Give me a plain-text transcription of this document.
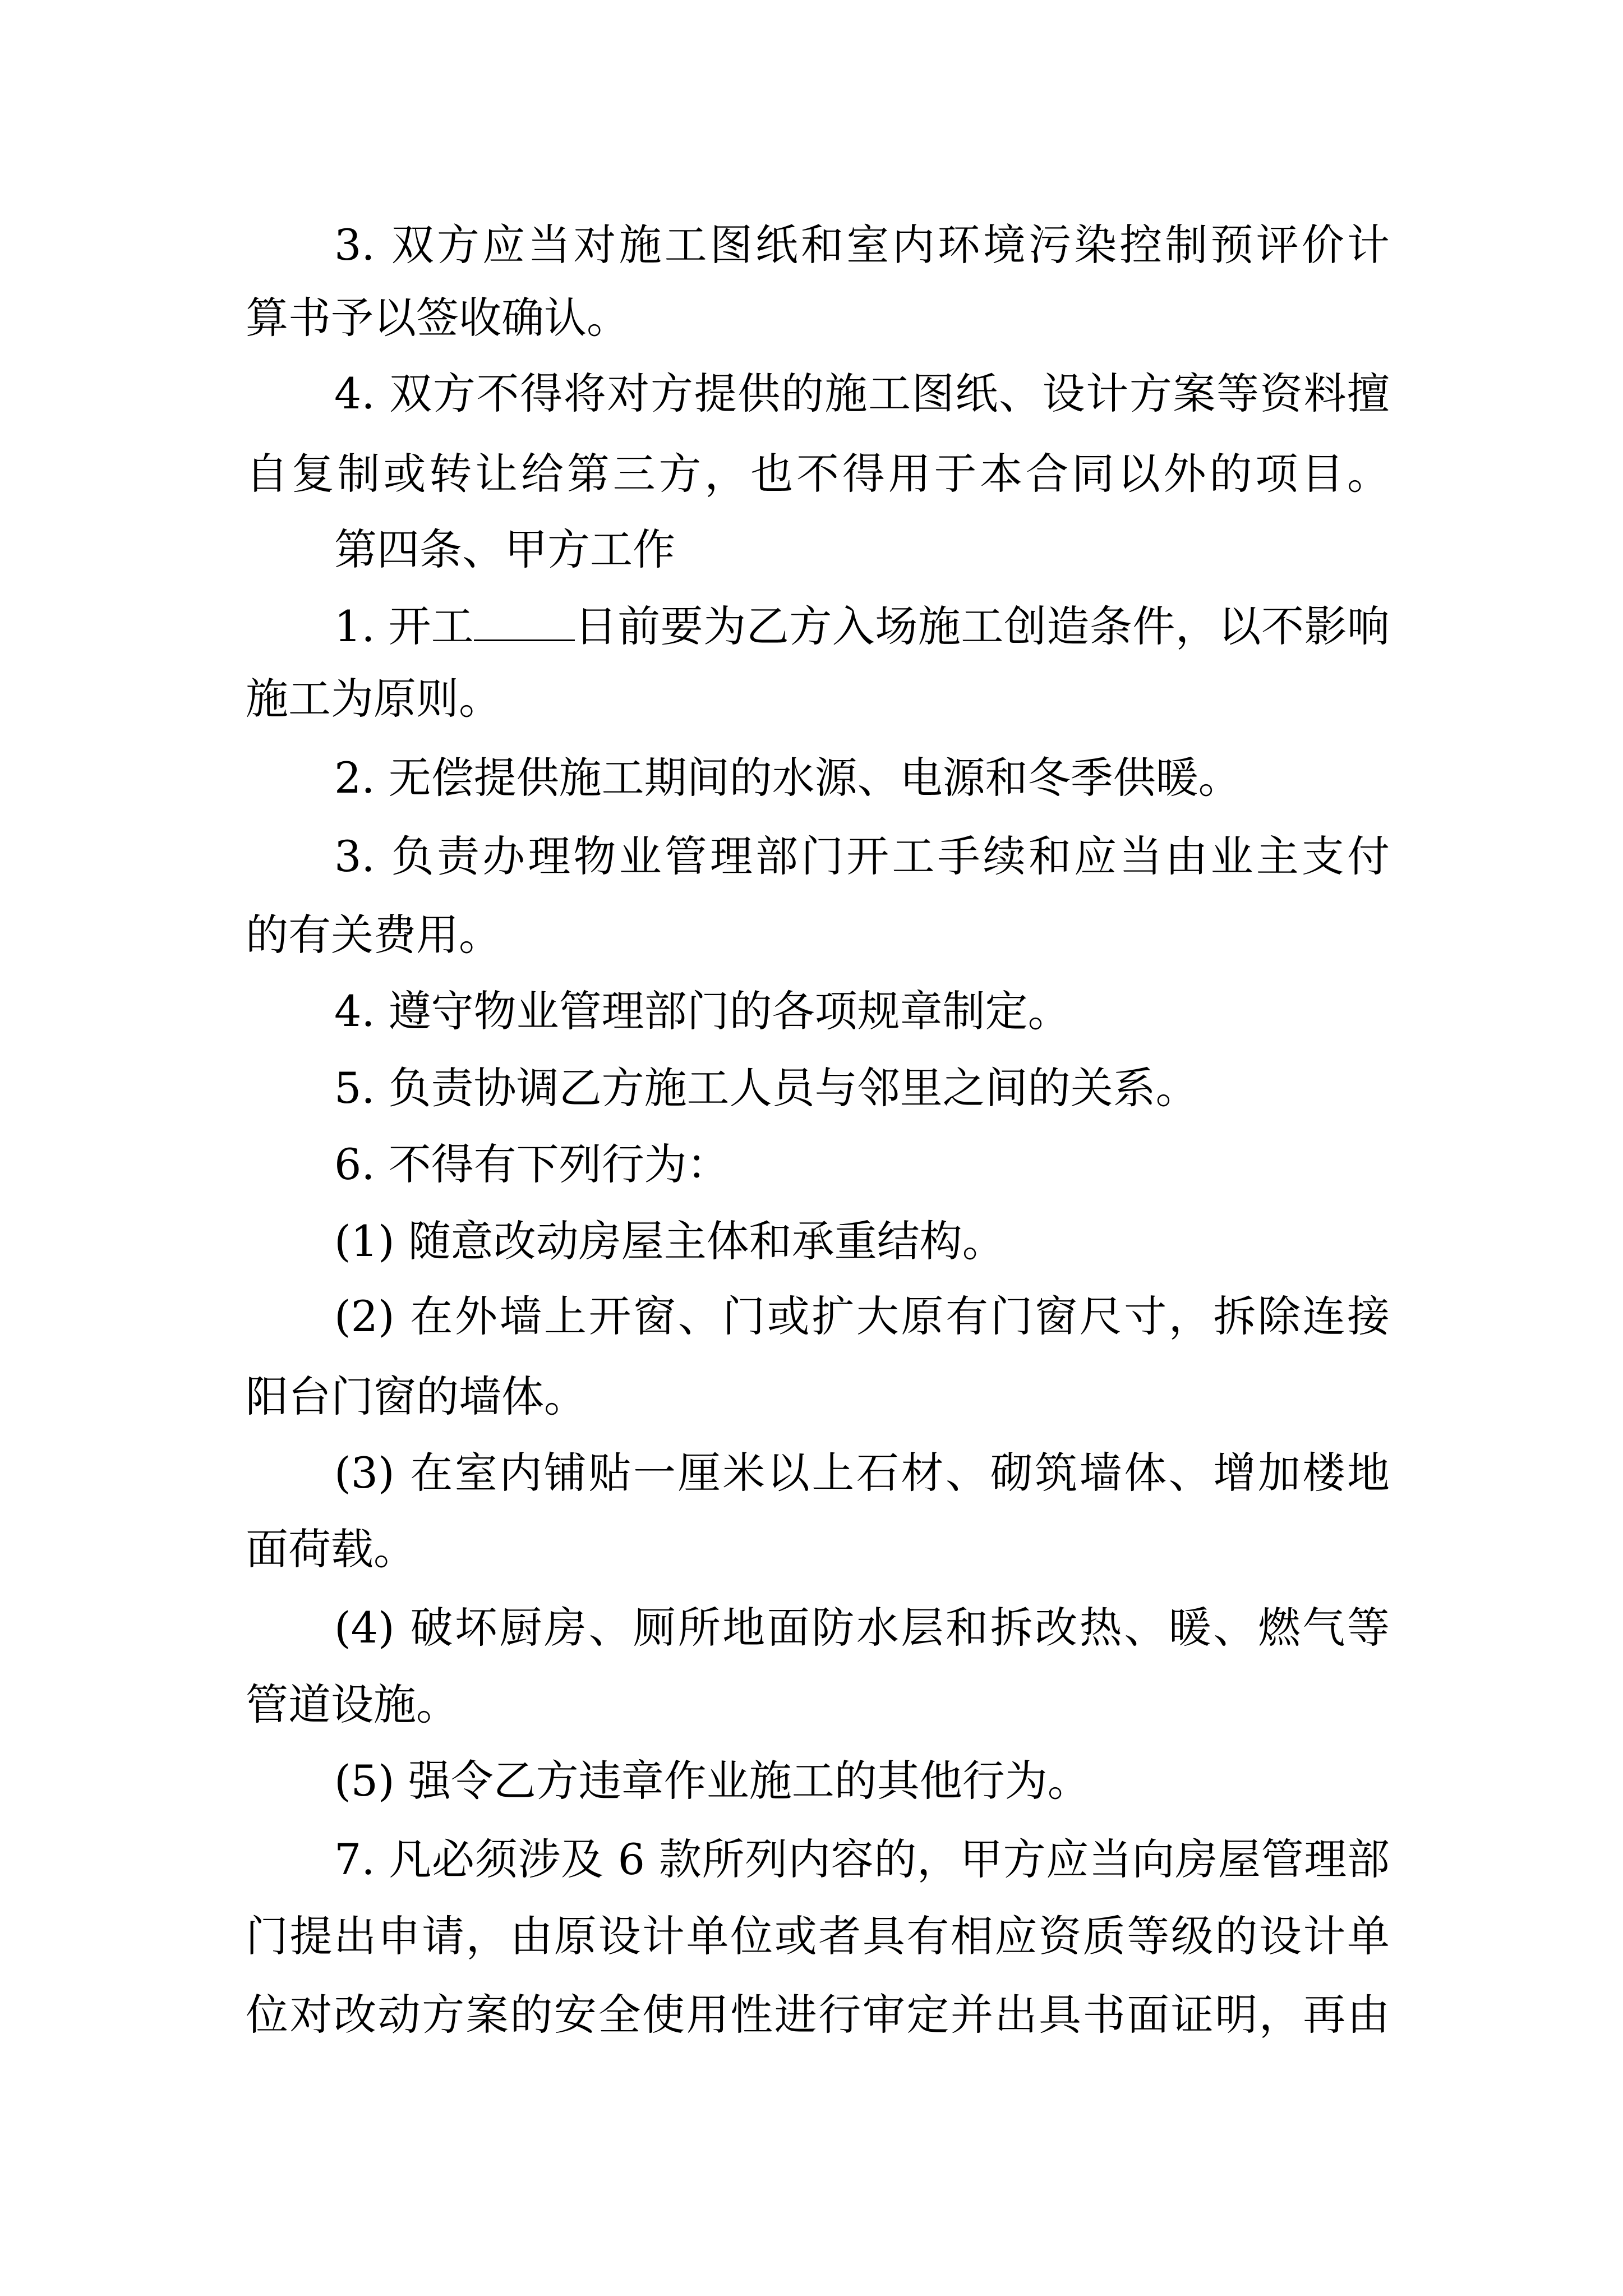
3. 双方应当对施工图纸和室内环境污染控制预评价计
算书予以签收确认。
4. 双方不得将对方提供的施工图纸、设计方案等资料擅
自复制或转让给第三方，也不得用于本合同以外的项目。
第四条、甲方工作
1. 开工 日前要为乙方入场施工创造条件，以不影响
施工为原则。
2. 无偿提供施工期间的水源、电源和冬季供暖。
3. 负责办理物业管理部门开工手续和应当由业主支付
的有关费用。
4. 遵守物业管理部门的各项规章制定。
5. 负责协调乙方施工人员与邻里之间的关系。
6. 不得有下列行为：
(1) 随意改动房屋主体和承重结构。
(2) 在外墙上开窗、门或扩大原有门窗尺寸，拆除连接
阳台门窗的墙体。
(3) 在室内铺贴一厘米以上石材、砌筑墙体、增加楼地
面荷载。
(4) 破坏厨房、厕所地面防水层和拆改热、暖、燃气等
管道设施。
(5) 强令乙方违章作业施工的其他行为。
7. 凡必须涉及 6 款所列内容的，甲方应当向房屋管理部
门提出申请，由原设计单位或者具有相应资质等级的设计单
位对改动方案的安全使用性进行审定并出具书面证明，再由
